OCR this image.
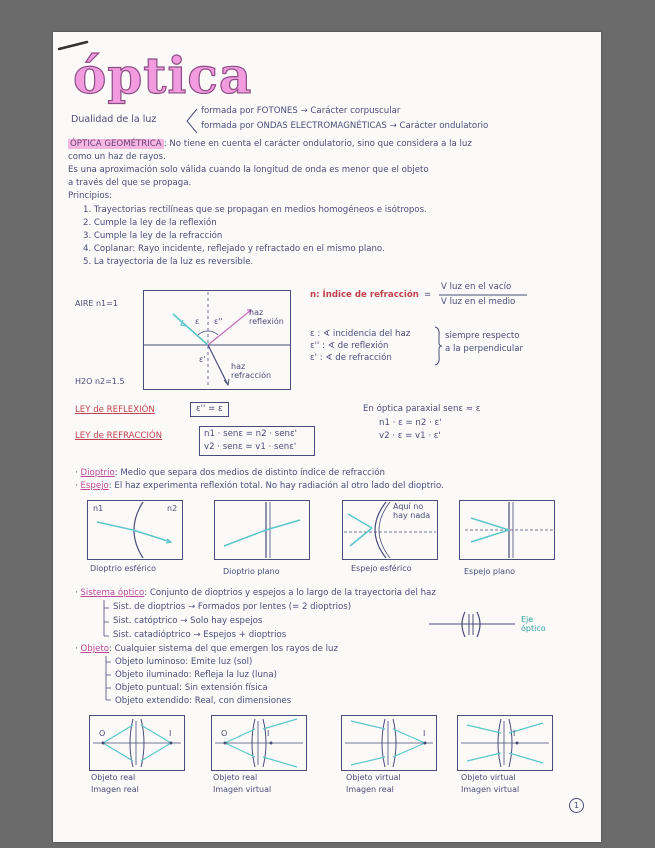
óptica
Dualidad de la luz
formada por FOTONES → Carácter corpuscular
formada por ONDAS ELECTROMAGNÉTICAS → Carácter ondulatorio
ÓPTICA GEOMÉTRICA : No tiene en cuenta el carácter ondulatorio, sino que considera a la luz
como un haz de rayos.
Es una aproximación solo válida cuando la longitud de onda es menor que el objeto
a través del que se propaga.
Principios:
1. Trayectorias rectilíneas que se propagan en medios homogéneos e isótropos.
2. Cumple la ley de la reflexión
3. Cumple la ley de la refracción
4. Coplanar: Rayo incidente, reflejado y refractado en el mismo plano.
5. La trayectoria de la luz es reversible.
AIRE n1=1
H2O n2=1.5
ε ε''
ε'
haz reflexión
haz refracción
n: Índice de refracción =
V luz en el vacío
V luz en el medio
ε : ∢ incidencia del haz
ε'' : ∢ de reflexión
ε' : ∢ de refracción
siempre respecto
a la perpendicular
LEY de REFLEXIÓN	ε'' = ε
LEY de REFRACCIÓN	n1 · senε = n2 · senε'
v2 · senε = v1 · senε'
En óptica paraxial senε ≈ ε
n1 · ε = n2 · ε'
v2 · ε = v1 · ε'
· Dioptrio: Medio que separa dos medios de distinto índice de refracción
· Espejo: El haz experimenta reflexión total. No hay radiación al otro lado del dioptrio.
n1	n2	Aquí no hay nada
Dioptrio esférico	Dioptrio plano	Espejo esférico	Espejo plano
· Sistema óptico: Conjunto de dioptrios y espejos a lo largo de la trayectoria del haz
Sist. de dioptrios → Formados por lentes (= 2 dioptrios)
Sist. catóptrico → Solo hay espejos
Sist. catadióptrico → Espejos + dioptrios
Eje óptico
· Objeto: Cualquier sistema del que emergen los rayos de luz
Objeto luminoso: Emite luz (sol)
Objeto iluminado: Refleja la luz (luna)
Objeto puntual: Sin extensión física
Objeto extendido: Real, con dimensiones
O	I	O	I	I	I
Objeto real
Imagen real
Objeto real
Imagen virtual
Objeto virtual
Imagen real
Objeto virtual
Imagen virtual
1
